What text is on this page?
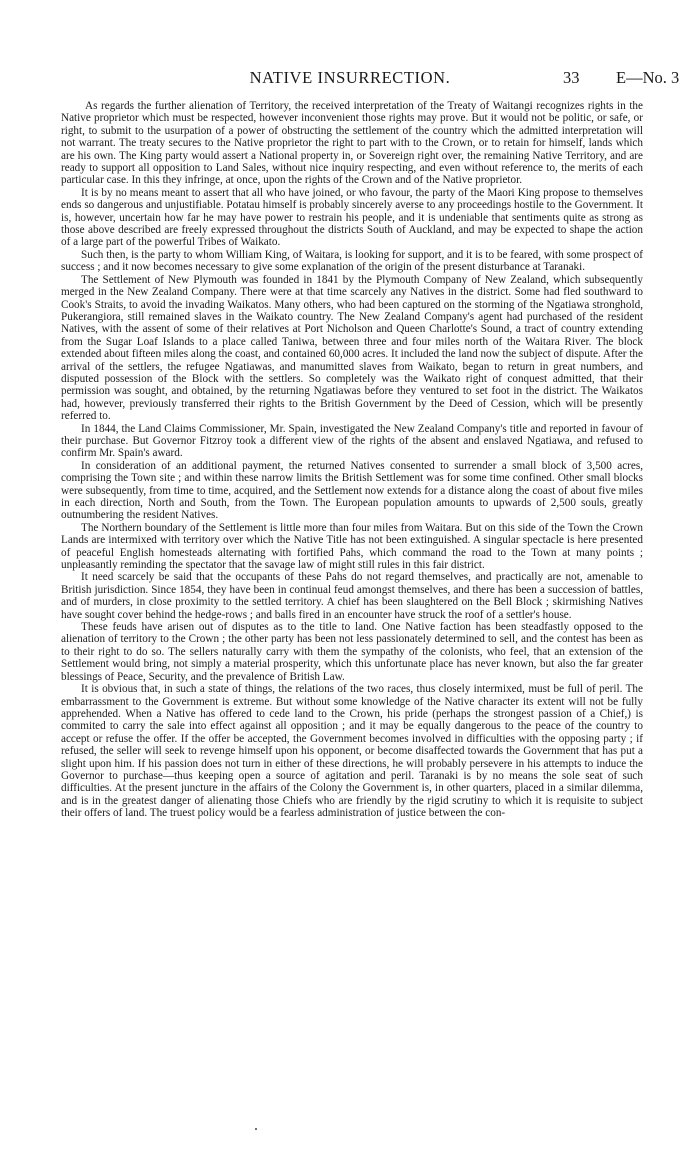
NATIVE INSURRECTION.	33 E—No. 3

As regards the further alienation of Territory, the received interpretation of the Treaty of Waitangi recognizes rights in the Native proprietor which must be respected, however inconvenient those rights may prove. But it would not be politic, or safe, or right, to submit to the usurpation of a power of obstructing the settlement of the country which the admitted interpretation will not warrant. The treaty secures to the Native proprietor the right to part with to the Crown, or to retain for himself, lands which are his own. The King party would assert a National property in, or Sovereign right over, the remaining Native Territory, and are ready to support all opposition to Land Sales, without nice inquiry respecting, and even without reference to, the merits of each particular case. In this they infringe, at once, upon the rights of the Crown and of the Native proprietor.

It is by no means meant to assert that all who have joined, or who favour, the party of the Maori King propose to themselves ends so dangerous and unjustifiable. Potatau himself is probably sincerely averse to any proceedings hostile to the Government. It is, however, uncertain how far he may have power to restrain his people, and it is undeniable that sentiments quite as strong as those above described are freely expressed throughout the districts South of Auckland, and may be expected to shape the action of a large part of the powerful Tribes of Waikato.

Such then, is the party to whom William King, of Waitara, is looking for support, and it is to be feared, with some prospect of success ; and it now becomes necessary to give some explanation of the origin of the present disturbance at Taranaki.

The Settlement of New Plymouth was founded in 1841 by the Plymouth Company of New Zealand, which subsequently merged in the New Zealand Company. There were at that time scarcely any Natives in the district. Some had fled southward to Cook's Straits, to avoid the invading Waikatos. Many others, who had been captured on the storming of the Ngatiawa stronghold, Pukerangiora, still remained slaves in the Waikato country. The New Zealand Company's agent had purchased of the resident Natives, with the assent of some of their relatives at Port Nicholson and Queen Charlotte's Sound, a tract of country extending from the Sugar Loaf Islands to a place called Taniwa, between three and four miles north of the Waitara River. The block extended about fifteen miles along the coast, and contained 60,000 acres. It included the land now the subject of dispute. After the arrival of the settlers, the refugee Ngatiawas, and manumitted slaves from Waikato, began to return in great numbers, and disputed possession of the Block with the settlers. So completely was the Waikato right of conquest admitted, that their permission was sought, and obtained, by the returning Ngatiawas before they ventured to set foot in the district. The Waikatos had, however, previously transferred their rights to the British Government by the Deed of Cession, which will be presently referred to.

In 1844, the Land Claims Commissioner, Mr. Spain, investigated the New Zealand Company's title and reported in favour of their purchase. But Governor Fitzroy took a different view of the rights of the absent and enslaved Ngatiawa, and refused to confirm Mr. Spain's award.

In consideration of an additional payment, the returned Natives consented to surrender a small block of 3,500 acres, comprising the Town site ; and within these narrow limits the British Settlement was for some time confined. Other small blocks were subsequently, from time to time, acquired, and the Settlement now extends for a distance along the coast of about five miles in each direction, North and South, from the Town. The European population amounts to upwards of 2,500 souls, greatly outnumbering the resident Natives.

The Northern boundary of the Settlement is little more than four miles from Waitara. But on this side of the Town the Crown Lands are intermixed with territory over which the Native Title has not been extinguished. A singular spectacle is here presented of peaceful English homesteads alternating with fortified Pahs, which command the road to the Town at many points ; unpleasantly reminding the spectator that the savage law of might still rules in this fair district.

It need scarcely be said that the occupants of these Pahs do not regard themselves, and practically are not, amenable to British jurisdiction. Since 1854, they have been in continual feud amongst themselves, and there has been a succession of battles, and of murders, in close proximity to the settled territory. A chief has been slaughtered on the Bell Block ; skirmishing Natives have sought cover behind the hedge-rows ; and balls fired in an encounter have struck the roof of a settler's house.

These feuds have arisen out of disputes as to the title to land. One Native faction has been steadfastly opposed to the alienation of territory to the Crown ; the other party has been not less passionately determined to sell, and the contest has been as to their right to do so. The sellers naturally carry with them the sympathy of the colonists, who feel, that an extension of the Settlement would bring, not simply a material prosperity, which this unfortunate place has never known, but also the far greater blessings of Peace, Security, and the prevalence of British Law.

It is obvious that, in such a state of things, the relations of the two races, thus closely intermixed, must be full of peril. The embarrassment to the Government is extreme. But without some knowledge of the Native character its extent will not be fully apprehended. When a Native has offered to cede land to the Crown, his pride (perhaps the strongest passion of a Chief,) is commited to carry the sale into effect against all opposition ; and it may be equally dangerous to the peace of the country to accept or refuse the offer. If the offer be accepted, the Government becomes involved in difficulties with the opposing party ; if refused, the seller will seek to revenge himself upon his opponent, or become disaffected towards the Government that has put a slight upon him. If his passion does not turn in either of these directions, he will probably persevere in his attempts to induce the Governor to purchase—thus keeping open a source of agitation and peril. Taranaki is by no means the sole seat of such difficulties. At the present juncture in the affairs of the Colony the Government is, in other quarters, placed in a similar dilemma, and is in the greatest danger of alienating those Chiefs who are friendly by the rigid scrutiny to which it is requisite to subject their offers of land. The truest policy would be a fearless administration of justice between the con-
